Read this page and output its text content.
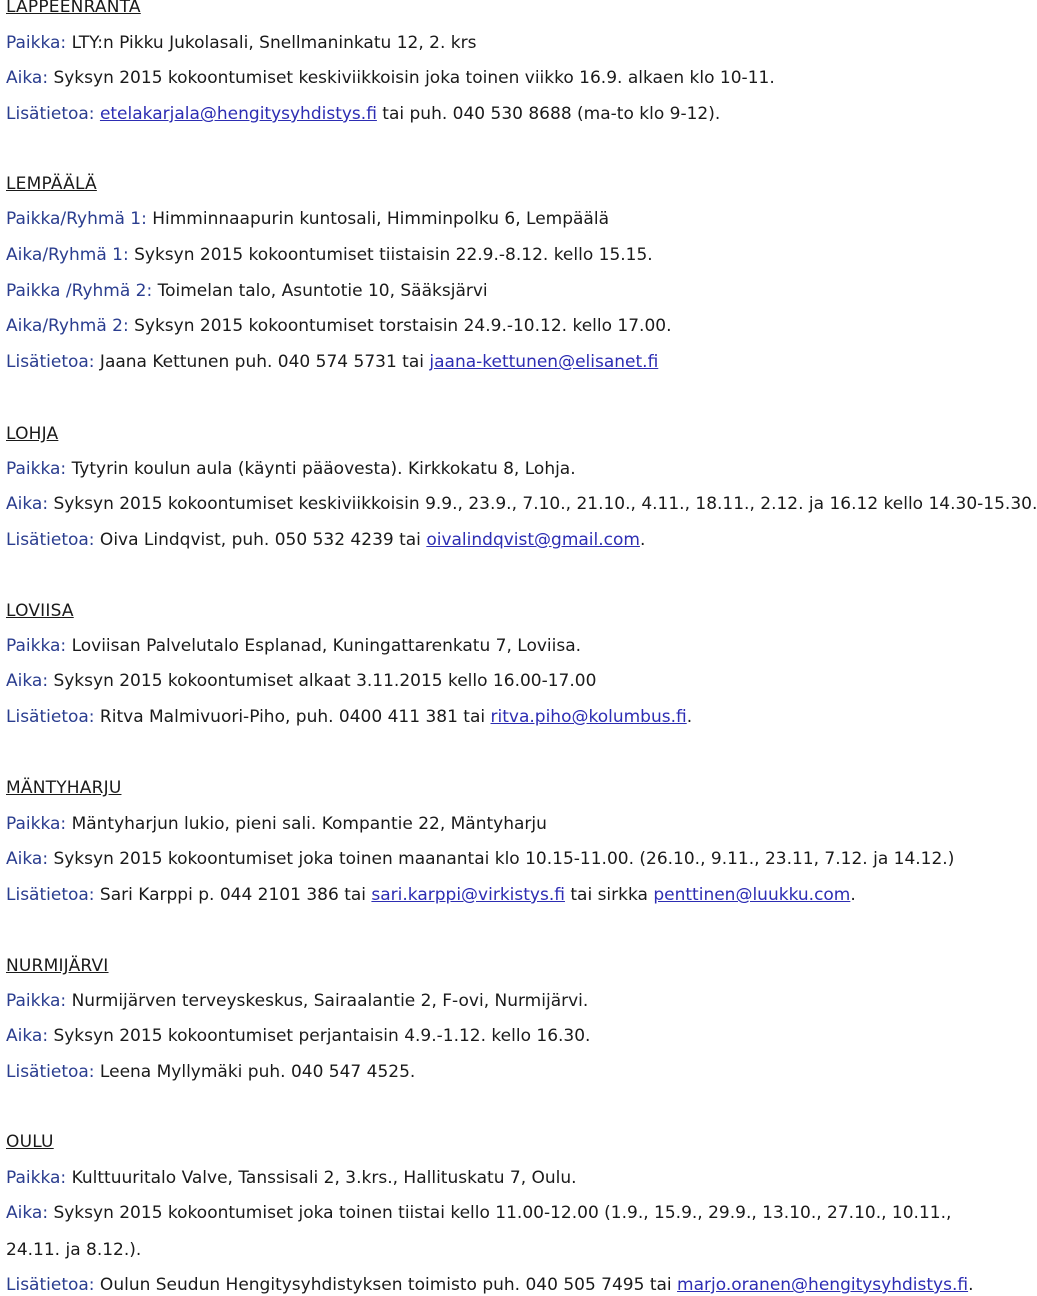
LAPPEENRANTA
Paikka: LTY:n Pikku Jukolasali, Snellmaninkatu 12, 2. krs
Aika: Syksyn 2015 kokoontumiset keskiviikkoisin joka toinen viikko 16.9. alkaen klo 10-11.
Lisätietoa: etelakarjala@hengitysyhdistys.fi tai puh. 040 530 8688 (ma-to klo 9-12).
LEMPÄÄLÄ
Paikka/Ryhmä 1: Himminnaapurin kuntosali, Himminpolku 6, Lempäälä
Aika/Ryhmä 1: Syksyn 2015 kokoontumiset tiistaisin 22.9.-8.12. kello 15.15.
Paikka /Ryhmä 2: Toimelan talo, Asuntotie 10, Sääksjärvi
Aika/Ryhmä 2: Syksyn 2015 kokoontumiset torstaisin 24.9.-10.12. kello 17.00.
Lisätietoa: Jaana Kettunen puh. 040 574 5731 tai jaana-kettunen@elisanet.fi
LOHJA
Paikka: Tytyrin koulun aula (käynti pääovesta). Kirkkokatu 8, Lohja.
Aika: Syksyn 2015 kokoontumiset keskiviikkoisin 9.9., 23.9., 7.10., 21.10., 4.11., 18.11., 2.12. ja 16.12 kello 14.30-15.30.
Lisätietoa: Oiva Lindqvist, puh. 050 532 4239 tai oivalindqvist@gmail.com.
LOVIISA
Paikka: Loviisan Palvelutalo Esplanad, Kuningattarenkatu 7, Loviisa.
Aika: Syksyn 2015 kokoontumiset alkaat 3.11.2015 kello 16.00-17.00
Lisätietoa: Ritva Malmivuori-Piho, puh. 0400 411 381 tai ritva.piho@kolumbus.fi.
MÄNTYHARJU
Paikka: Mäntyharjun lukio, pieni sali. Kompantie 22, Mäntyharju
Aika: Syksyn 2015 kokoontumiset joka toinen maanantai klo 10.15-11.00. (26.10., 9.11., 23.11, 7.12. ja 14.12.)
Lisätietoa: Sari Karppi p. 044 2101 386 tai sari.karppi@virkistys.fi tai sirkka penttinen@luukku.com.
NURMIJÄRVI
Paikka: Nurmijärven terveyskeskus, Sairaalantie 2, F-ovi, Nurmijärvi.
Aika: Syksyn 2015 kokoontumiset perjantaisin 4.9.-1.12. kello 16.30.
Lisätietoa: Leena Myllymäki puh. 040 547 4525.
OULU
Paikka: Kulttuuritalo Valve, Tanssisali 2, 3.krs., Hallituskatu 7, Oulu.
Aika: Syksyn 2015 kokoontumiset joka toinen tiistai kello 11.00-12.00 (1.9., 15.9., 29.9., 13.10., 27.10., 10.11.,
24.11. ja 8.12.).
Lisätietoa: Oulun Seudun Hengitysyhdistyksen toimisto puh. 040 505 7495 tai marjo.oranen@hengitysyhdistys.fi.
